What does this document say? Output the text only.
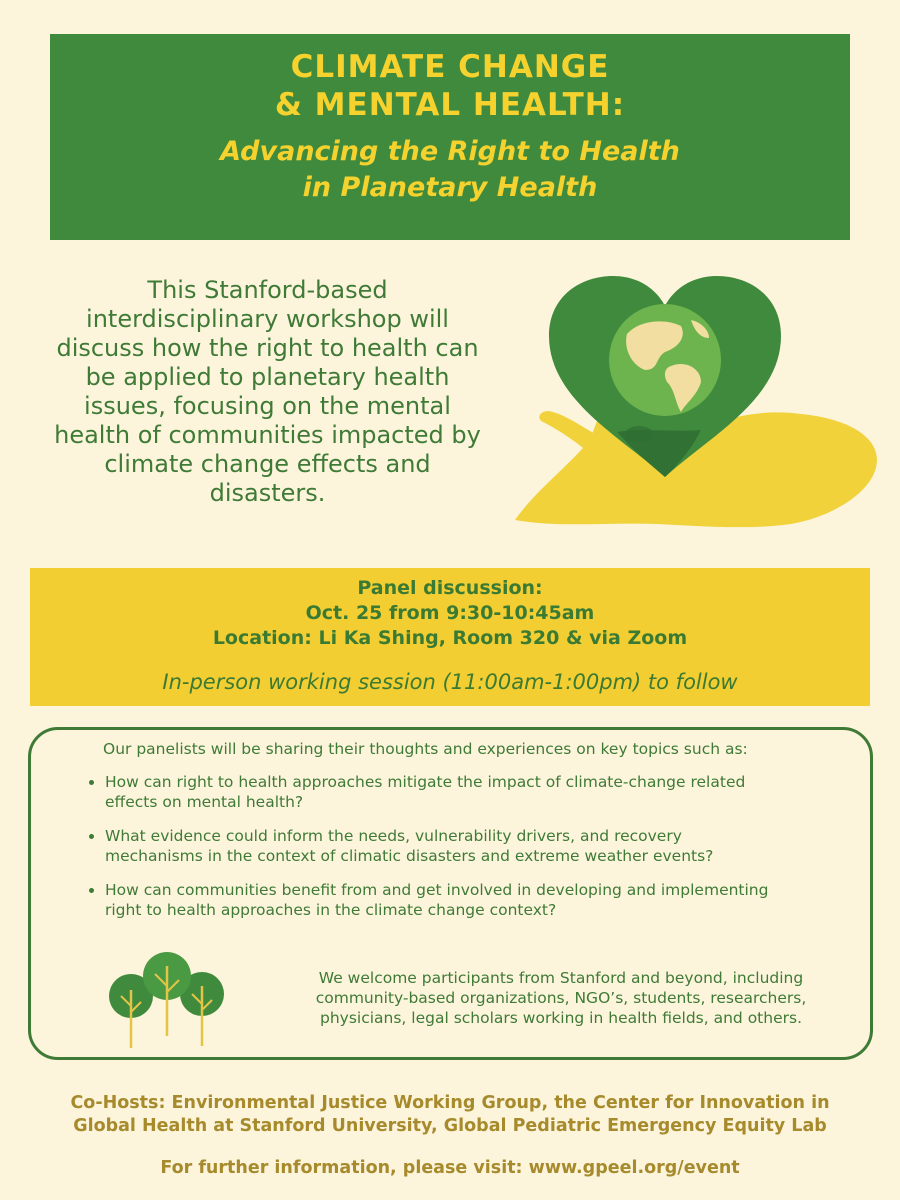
CLIMATE CHANGE
& MENTAL HEALTH:
Advancing the Right to Health
in Planetary Health
This Stanford-based
interdisciplinary workshop will
discuss how the right to health can
be applied to planetary health
issues, focusing on the mental
health of communities impacted by
climate change effects and
disasters.
Panel discussion:
Oct. 25 from 9:30-10:45am
Location: Li Ka Shing, Room 320 & via Zoom
In-person working session (11:00am-1:00pm) to follow
Our panelists will be sharing their thoughts and experiences on key topics such as:
• How can right to health approaches mitigate the impact of climate-change related
effects on mental health?
• What evidence could inform the needs, vulnerability drivers, and recovery
mechanisms in the context of climatic disasters and extreme weather events?
• How can communities benefit from and get involved in developing and implementing
right to health approaches in the climate change context?
We welcome participants from Stanford and beyond, including
community-based organizations, NGO’s, students, researchers,
physicians, legal scholars working in health fields, and others.
Co-Hosts: Environmental Justice Working Group, the Center for Innovation in
Global Health at Stanford University, Global Pediatric Emergency Equity Lab
For further information, please visit: www.gpeel.org/event
